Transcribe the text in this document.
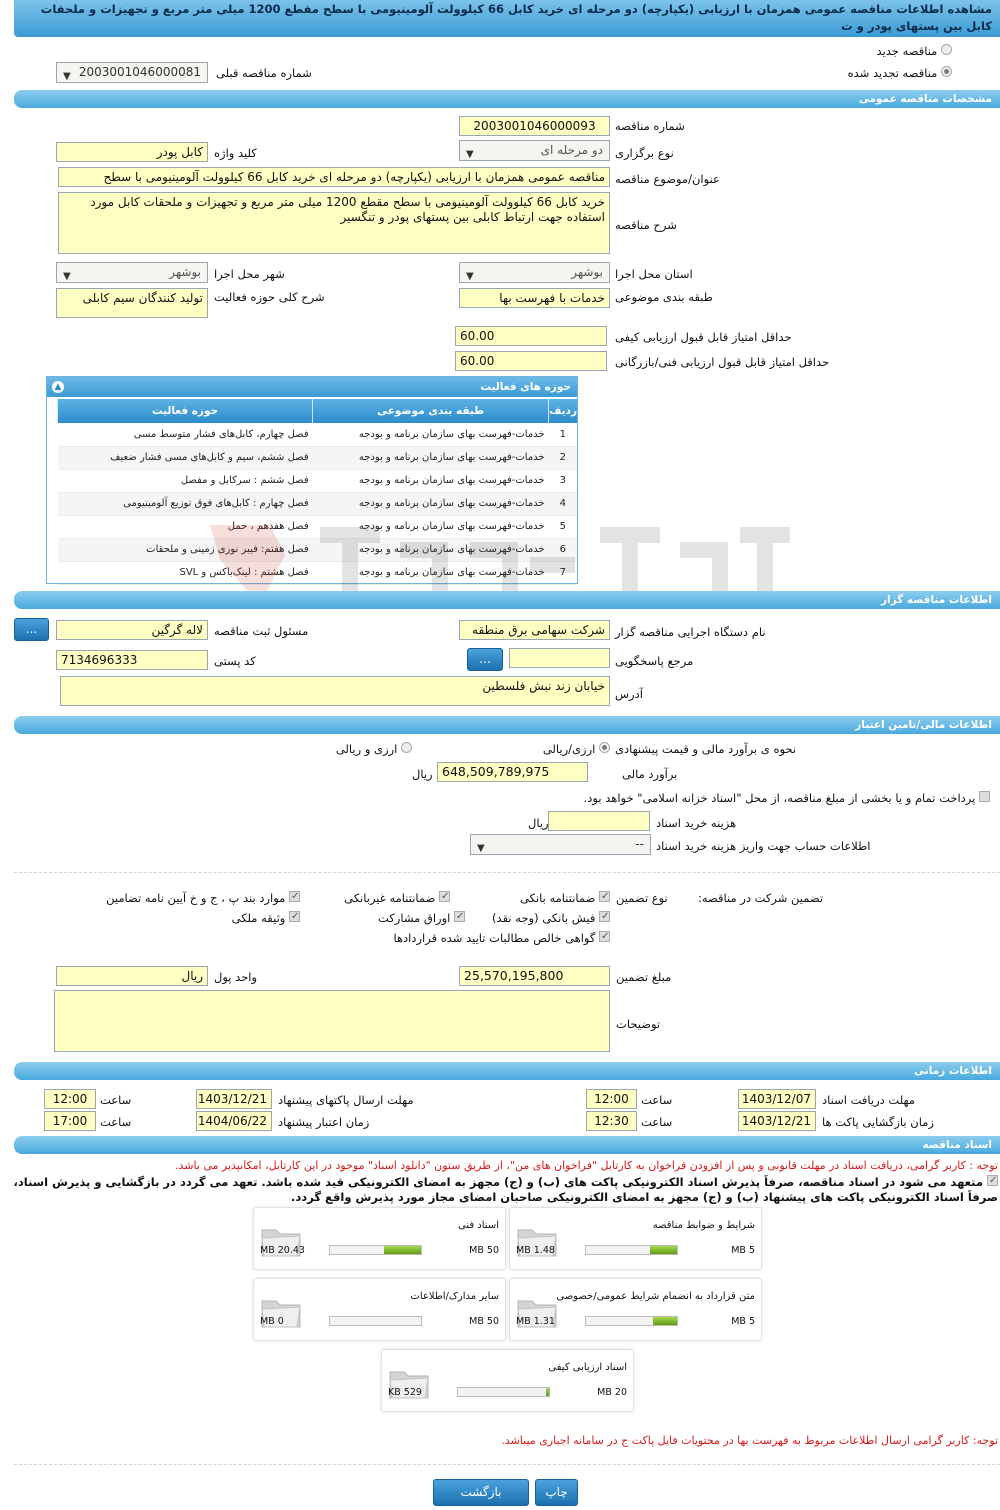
مشاهده اطلاعات مناقصه عمومی همزمان با ارزیابی (یکپارچه) دو مرحله ای خرید کابل 66 کیلوولت آلومینیومی با سطح مقطع 1200 میلی متر مربع و تجهیزات و ملحقات کابل بین پستهای پودر و ت
مناقصه جدید
مناقصه تجدید شده
شماره مناقصه قبلی
2003001046000081
▼
مشخصات مناقصه عمومی
شماره مناقصه
2003001046000093
نوع برگزاری
دو مرحله ای
▼
کلید واژه
کابل پودر
عنوان/موضوع مناقصه
مناقصه عمومی همزمان با ارزیابی (یکپارچه) دو مرحله ای خرید کابل 66 کیلوولت آلومینیومی با سطح
شرح مناقصه
خرید کابل 66 کیلوولت آلومینیومی با سطح مقطع 1200 میلی متر مربع و تجهیزات و ملحقات کابل مورد استفاده جهت ارتباط کابلی بین پستهای پودر و تنگسیر
استان محل اجرا
بوشهر
▼
شهر محل اجرا
بوشهر
▼
طبقه بندی موضوعی
خدمات با فهرست بها
شرح کلی حوزه فعالیت
تولید کنندگان سیم کابلی
حداقل امتیاز قابل قبول ارزیابی کیفی
60.00
حداقل امتیاز قابل قبول ارزیابی فنی/بازرگانی
60.00
حوزه های فعالیت
▲
ردیف	طبقه بندی موضوعی	حوزه فعالیت
1	خدمات-فهرست بهای سازمان برنامه و بودجه	فصل چهارم، کابل‌های فشار متوسط مسی
2	خدمات-فهرست بهای سازمان برنامه و بودجه	فصل ششم، سیم و کابل‌های مسی فشار ضعیف
3	خدمات-فهرست بهای سازمان برنامه و بودجه	فصل ششم : سرکابل و مفصل
4	خدمات-فهرست بهای سازمان برنامه و بودجه	فصل چهارم : کابل‌های فوق توزیع آلومینیومی
5	خدمات-فهرست بهای سازمان برنامه و بودجه	فصل هفدهم ، حمل
6	خدمات-فهرست بهای سازمان برنامه و بودجه	فصل هفتم: فیبر نوری زمینی و ملحقات
7	خدمات-فهرست بهای سازمان برنامه و بودجه	فصل هشتم : لینک‌باکس و SVL
اطلاعات مناقصه گزار
نام دستگاه اجرایی مناقصه گزار
شرکت سهامی برق منطقه
مسئول ثبت مناقصه
لاله گرگین
...
مرجع پاسخگویی
...
کد پستی
7134696333
آدرس
خیابان زند نبش فلسطین
اطلاعات مالی/تامین اعتبار
نحوه ی برآورد مالی و قیمت پیشنهادی
ارزی/ریالی
ارزی و ریالی
برآورد مالی
648,509,789,975
ریال
پرداخت تمام و یا بخشی از مبلغ مناقصه، از محل "اسناد خزانه اسلامی" خواهد بود.
هزینه خرید اسناد
ریال
اطلاعات حساب جهت واریز هزینه خرید اسناد
--
▼
تضمین شرکت در مناقصه:
نوع تضمین
✓ ضمانتنامه بانکی
✓ ضمانتنامه غیربانکی
✓ موارد بند پ ، ج و خ آیین نامه تضامین
✓ فیش بانکی (وجه نقد)
✓ اوراق مشارکت
✓ وثیقه ملکی
✓ گواهی خالص مطالبات تایید شده قراردادها
مبلغ تضمین
25,570,195,800
واحد پول
ریال
توضیحات
اطلاعات زمانی
مهلت دریافت اسناد
1403/12/07
ساعت
12:00
مهلت ارسال پاکتهای پیشنهاد
1403/12/21
ساعت
12:00
زمان بازگشایی پاکت ها
1403/12/21
ساعت
12:30
زمان اعتبار پیشنهاد
1404/06/22
ساعت
17:00
اسناد مناقصه
توجه : کاربر گرامی، دریافت اسناد در مهلت قانونی و پس از افزودن فراخوان به کارتابل "فراخوان های من"، از طریق ستون "دانلود اسناد" موجود در این کارتابل، امکانپذیر می باشد.
✓ متعهد می شود در اسناد مناقصه، صرفاً پذیرش اسناد الکترونیکی پاکت های (ب) و (ج) مجهز به امضای الکترونیکی قید شده باشد. تعهد می گردد در بازگشایی و پذیرش اسناد،
صرفاً اسناد الکترونیکی پاکت های پیشنهاد (ب) و (ج) مجهز به امضای الکترونیکی صاحبان امضای مجاز مورد پذیرش واقع گردد.
شرایط و ضوابط مناقصه
5 MB
1.48 MB
اسناد فنی
50 MB
20.43 MB
متن قرارداد به انضمام شرایط عمومی/خصوصی
5 MB
1.31 MB
سایر مدارک/اطلاعات
50 MB
0 MB
اسناد ارزیابی کیفی
20 MB
529 KB
توجه: کاربر گرامی ارسال اطلاعات مربوط به فهرست بها در محتویات فایل پاکت ج در سامانه اجباری میباشد.
چاپ
بازگشت
